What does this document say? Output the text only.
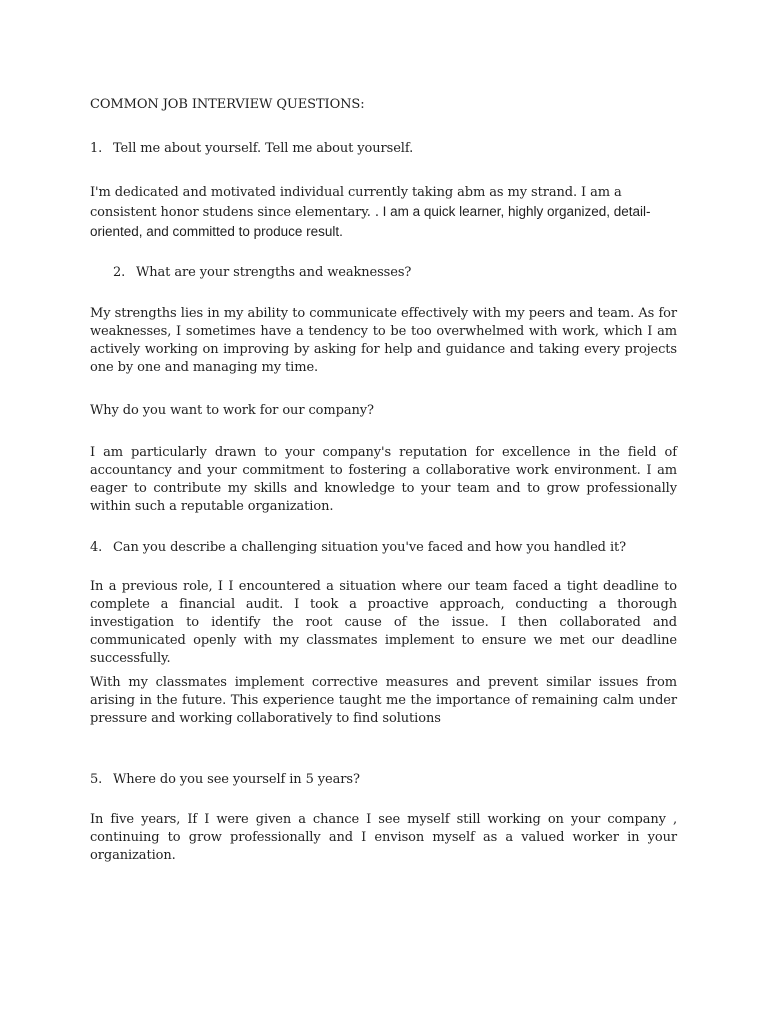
COMMON JOB INTERVIEW QUESTIONS:

1. Tell me about yourself. Tell me about yourself.

I'm dedicated and motivated individual currently taking abm as my strand. I am a consistent honor studens since elementary. . I am a quick learner, highly organized, detail-oriented, and committed to produce result.

2. What are your strengths and weaknesses?

My strengths lies in my ability to communicate effectively with my peers and team. As for weaknesses, I sometimes have a tendency to be too overwhelmed with work, which I am actively working on improving by asking for help and guidance and taking every projects one by one and managing my time.

Why do you want to work for our company?

I am particularly drawn to your company's reputation for excellence in the field of accountancy and your commitment to fostering a collaborative work environment. I am eager to contribute my skills and knowledge to your team and to grow professionally within such a reputable organization.

4. Can you describe a challenging situation you've faced and how you handled it?

In a previous role, I I encountered a situation where our team faced a tight deadline to complete a financial audit. I took a proactive approach, conducting a thorough investigation to identify the root cause of the issue. I then collaborated and communicated openly with my classmates implement to ensure we met our deadline successfully.

With my classmates implement corrective measures and prevent similar issues from arising in the future. This experience taught me the importance of remaining calm under pressure and working collaboratively to find solutions

5. Where do you see yourself in 5 years?

In five years, If I were given a chance I see myself still working on your company , continuing to grow professionally and I envison myself as a valued worker in your organization.
